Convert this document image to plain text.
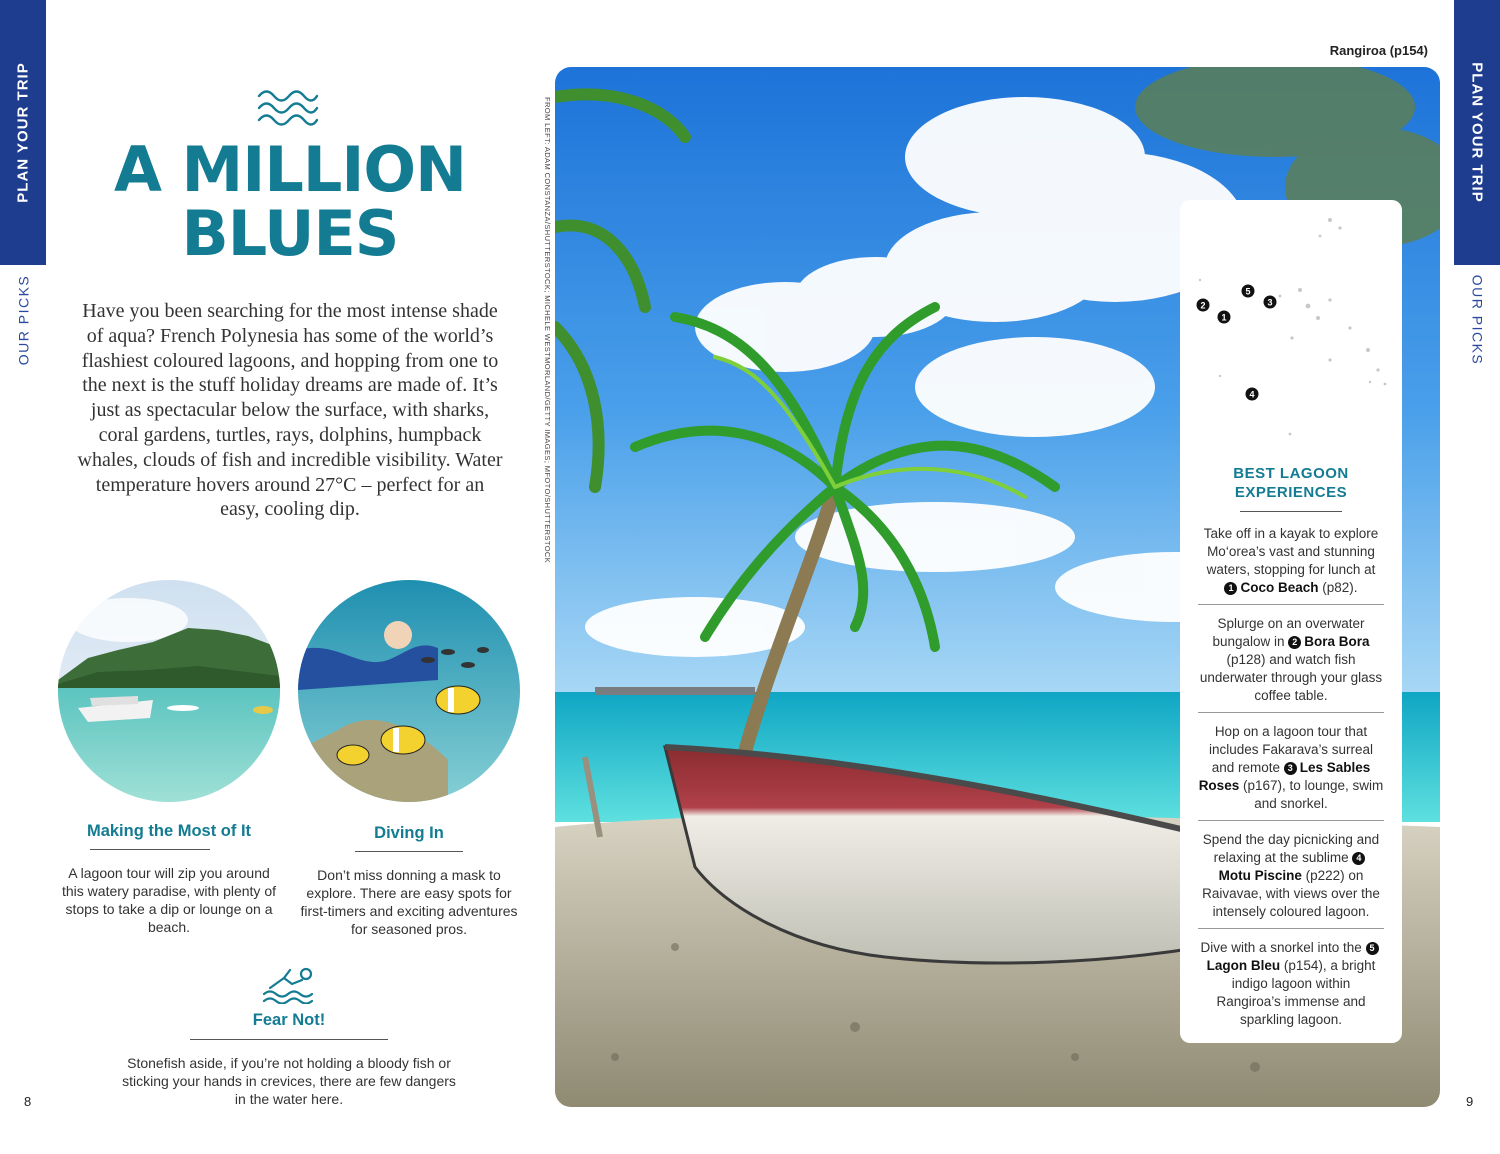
PLAN YOUR TRIP
OUR PICKS
PLAN YOUR TRIP
OUR PICKS
8	9
A MILLION
BLUES
Have you been searching for the most intense shade
of aqua? French Polynesia has some of the world’s
flashiest coloured lagoons, and hopping from one to
the next is the stuff holiday dreams are made of. It’s
just as spectacular below the surface, with sharks,
coral gardens, turtles, rays, dolphins, humpback
whales, clouds of fish and incredible visibility. Water
temperature hovers around 27°C – perfect for an
easy, cooling dip.
Making the Most of It
A lagoon tour will zip you around this watery paradise, with plenty of stops to take a dip or lounge on a beach.
Diving In
Don’t miss donning a mask to explore. There are easy spots for first-timers and exciting adventures for seasoned pros.
Fear Not!
Stonefish aside, if you’re not holding a bloody fish or sticking your hands in crevices, there are few dangers in the water here.
Rangiroa (p154)
FROM LEFT: ADAM CONSTANZA/SHUTTERSTOCK; MICHELE WESTMORLAND/GETTY IMAGES; MFOTO/SHUTTERSTOCK	2
1
5
3
4
BEST LAGOON
EXPERIENCES
Take off in a kayak to explore Mo‘orea’s vast and stunning waters, stopping for lunch at 1 Coco Beach (p82).
Splurge on an overwater bungalow in 2 Bora Bora (p128) and watch fish underwater through your glass coffee table.
Hop on a lagoon tour that includes Fakarava’s surreal and remote 3 Les Sables Roses (p167), to lounge, swim and snorkel.
Spend the day picnicking and relaxing at the sublime 4Motu Piscine (p222) on Raivavae, with views over the intensely coloured lagoon.
Dive with a snorkel into the 5Lagon Bleu (p154), a bright indigo lagoon within Rangiroa’s immense and sparkling lagoon.
